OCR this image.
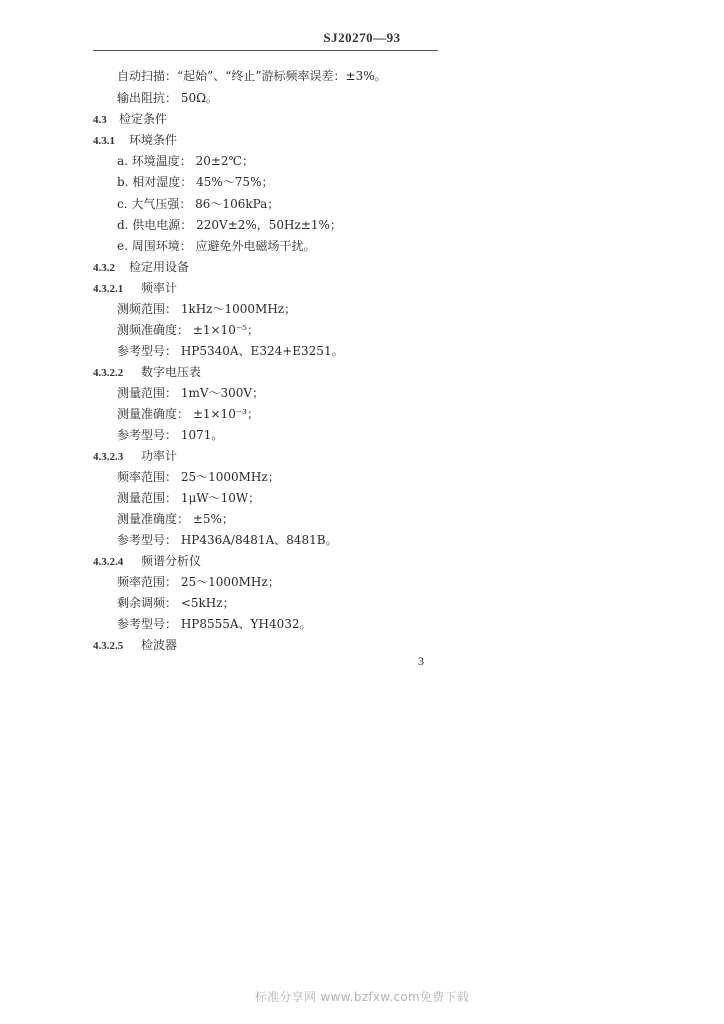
SJ20270—93
自动扫描：“起始”、“终止”游标频率误差：±3%。
输出阻抗： 50Ω。
4.3 检定条件
4.3.1 环境条件
a. 环境温度： 20±2℃；
b. 相对湿度： 45%～75%；
c. 大气压强： 86～106kPa；
d. 供电电源： 220V±2%，50Hz±1%；
e. 周围环境： 应避免外电磁场干扰。
4.3.2 检定用设备
4.3.2.1 频率计
测频范围： 1kHz～1000MHz；
测频准确度： ±1×10⁻⁵；
参考型号： HP5340A、E324+E3251。
4.3.2.2 数字电压表
测量范围： 1mV～300V；
测量准确度： ±1×10⁻³；
参考型号： 1071。
4.3.2.3 功率计
频率范围： 25～1000MHz；
测量范围： 1μW～10W；
测量准确度： ±5%；
参考型号： HP436A/8481A、8481B。
4.3.2.4 频谱分析仪
频率范围： 25～1000MHz；
剩余调频： <5kHz；
参考型号： HP8555A、YH4032。
4.3.2.5 检波器
3
标准分享网 www.bzfxw.com免费下载
